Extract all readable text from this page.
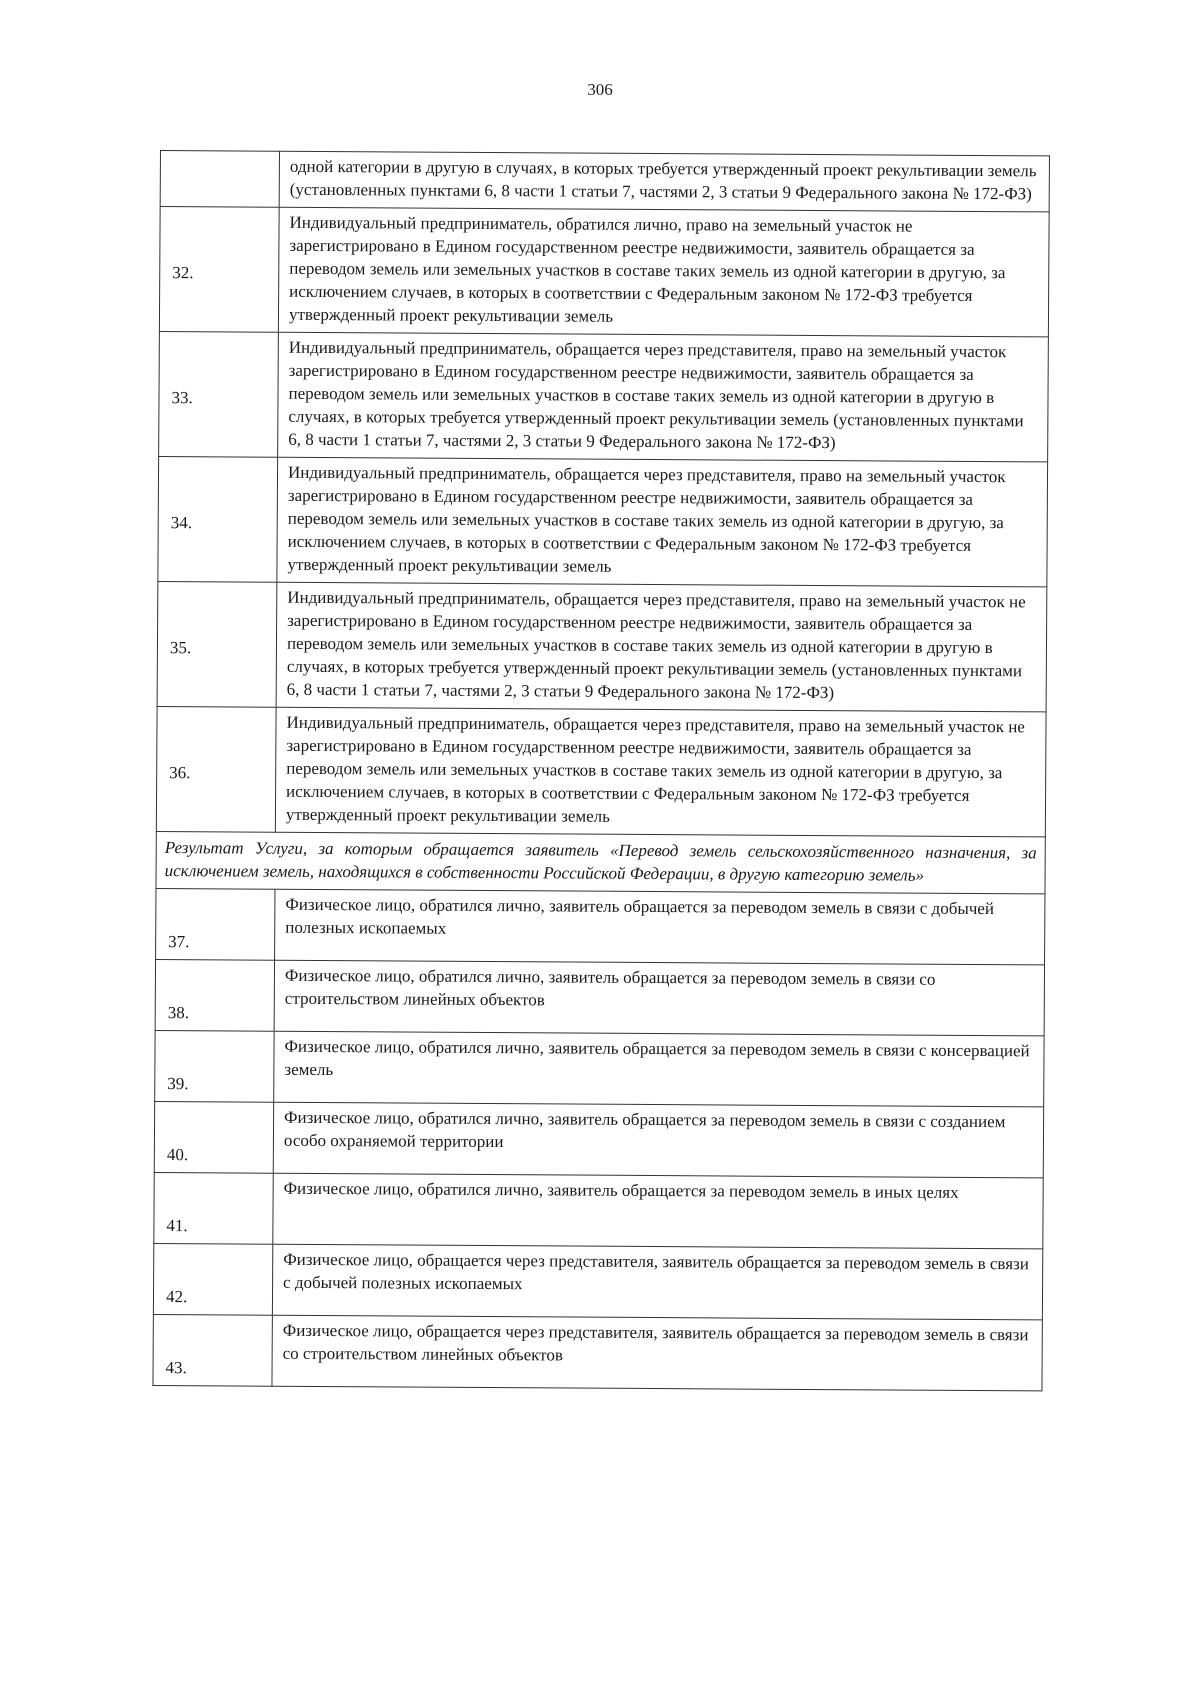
306
	одной категории в другую в случаях, в которых требуется утвержденный проект рекультивации земель (установленных пунктами 6, 8 части 1 статьи 7, частями 2, 3 статьи 9 Федерального закона № 172-ФЗ)
32.	Индивидуальный предприниматель, обратился лично, право на земельный участок не зарегистрировано в Едином государственном реестре недвижимости, заявитель обращается за переводом земель или земельных участков в составе таких земель из одной категории в другую, за исключением случаев, в которых в соответствии с Федеральным законом № 172-ФЗ требуется утвержденный проект рекультивации земель
33.	Индивидуальный предприниматель, обращается через представителя, право на земельный участок зарегистрировано в Едином государственном реестре недвижимости, заявитель обращается за переводом земель или земельных участков в составе таких земель из одной категории в другую в случаях, в которых требуется утвержденный проект рекультивации земель (установленных пунктами 6, 8 части 1 статьи 7, частями 2, 3 статьи 9 Федерального закона № 172-ФЗ)
34.	Индивидуальный предприниматель, обращается через представителя, право на земельный участок зарегистрировано в Едином государственном реестре недвижимости, заявитель обращается за переводом земель или земельных участков в составе таких земель из одной категории в другую, за исключением случаев, в которых в соответствии с Федеральным законом № 172-ФЗ требуется утвержденный проект рекультивации земель
35.	Индивидуальный предприниматель, обращается через представителя, право на земельный участок не зарегистрировано в Едином государственном реестре недвижимости, заявитель обращается за переводом земель или земельных участков в составе таких земель из одной категории в другую в случаях, в которых требуется утвержденный проект рекультивации земель (установленных пунктами 6, 8 части 1 статьи 7, частями 2, 3 статьи 9 Федерального закона № 172-ФЗ)
36.	Индивидуальный предприниматель, обращается через представителя, право на земельный участок не зарегистрировано в Едином государственном реестре недвижимости, заявитель обращается за переводом земель или земельных участков в составе таких земель из одной категории в другую, за исключением случаев, в которых в соответствии с Федеральным законом № 172-ФЗ требуется утвержденный проект рекультивации земель
Результат Услуги, за которым обращается заявитель «Перевод земель сельскохозяйственного назначения, за исключением земель, находящихся в собственности Российской Федерации, в другую категорию земель»	
37.	Физическое лицо, обратился лично, заявитель обращается за переводом земель в связи с добычей полезных ископаемых
38.	Физическое лицо, обратился лично, заявитель обращается за переводом земель в связи со строительством линейных объектов
39.	Физическое лицо, обратился лично, заявитель обращается за переводом земель в связи с консервацией земель
40.	Физическое лицо, обратился лично, заявитель обращается за переводом земель в связи с созданием особо охраняемой территории
41.	Физическое лицо, обратился лично, заявитель обращается за переводом земель в иных целях
42.	Физическое лицо, обращается через представителя, заявитель обращается за переводом земель в связи с добычей полезных ископаемых
43.	Физическое лицо, обращается через представителя, заявитель обращается за переводом земель в связи со строительством линейных объектов
